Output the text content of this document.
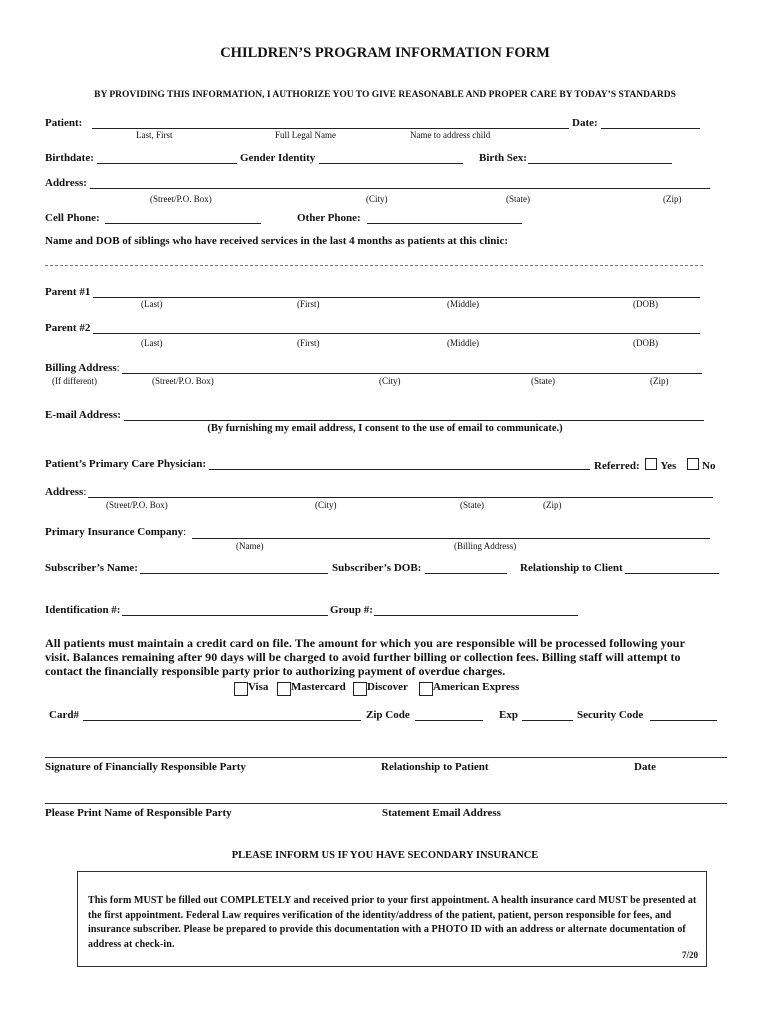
CHILDREN’S PROGRAM INFORMATION FORM
BY PROVIDING THIS INFORMATION, I AUTHORIZE YOU TO GIVE REASONABLE AND PROPER CARE BY TODAY’S STANDARDS
Patient:	Date:
Last, First	Full Legal Name	Name to address child
Birthdate:	Gender Identity	Birth Sex:
Address:
(Street/P.O. Box)	(City)	(State)	(Zip)
Cell Phone:	Other Phone:
Name and DOB of siblings who have received services in the last 4 months as patients at this clinic:
Parent #1
(Last)	(First)	(Middle)	(DOB)
Parent #2
(Last)	(First)	(Middle)	(DOB)
Billing Address:
(If different)	(Street/P.O. Box)	(City)	(State)	(Zip)
E-mail Address:
(By furnishing my email address, I consent to the use of email to communicate.)
Patient’s Primary Care Physician:	Referred: Yes No
Address:
(Street/P.O. Box)	(City)	(State)	(Zip)
Primary Insurance Company:
(Name)	(Billing Address)
Subscriber’s Name:	Subscriber’s DOB:	Relationship to Client
Identification #:	Group #:
All patients must maintain a credit card on file. The amount for which you are responsible will be processed following your
visit. Balances remaining after 90 days will be charged to avoid further billing or collection fees. Billing staff will attempt to
contact the financially responsible party prior to authorizing payment of overdue charges.
Visa Mastercard Discover American Express
Card#	Zip Code	Exp	Security Code
Signature of Financially Responsible Party	Relationship to Patient	Date
Please Print Name of Responsible Party	Statement Email Address
PLEASE INFORM US IF YOU HAVE SECONDARY INSURANCE

This form MUST be filled out COMPLETELY and received prior to your first appointment. A health insurance card MUST be presented at the first appointment. Federal Law requires verification of the identity/address of the patient, patient, person responsible for fees, and insurance subscriber. Please be prepared to provide this documentation with a PHOTO ID with an address or alternate documentation of address at check-in.

7/20
